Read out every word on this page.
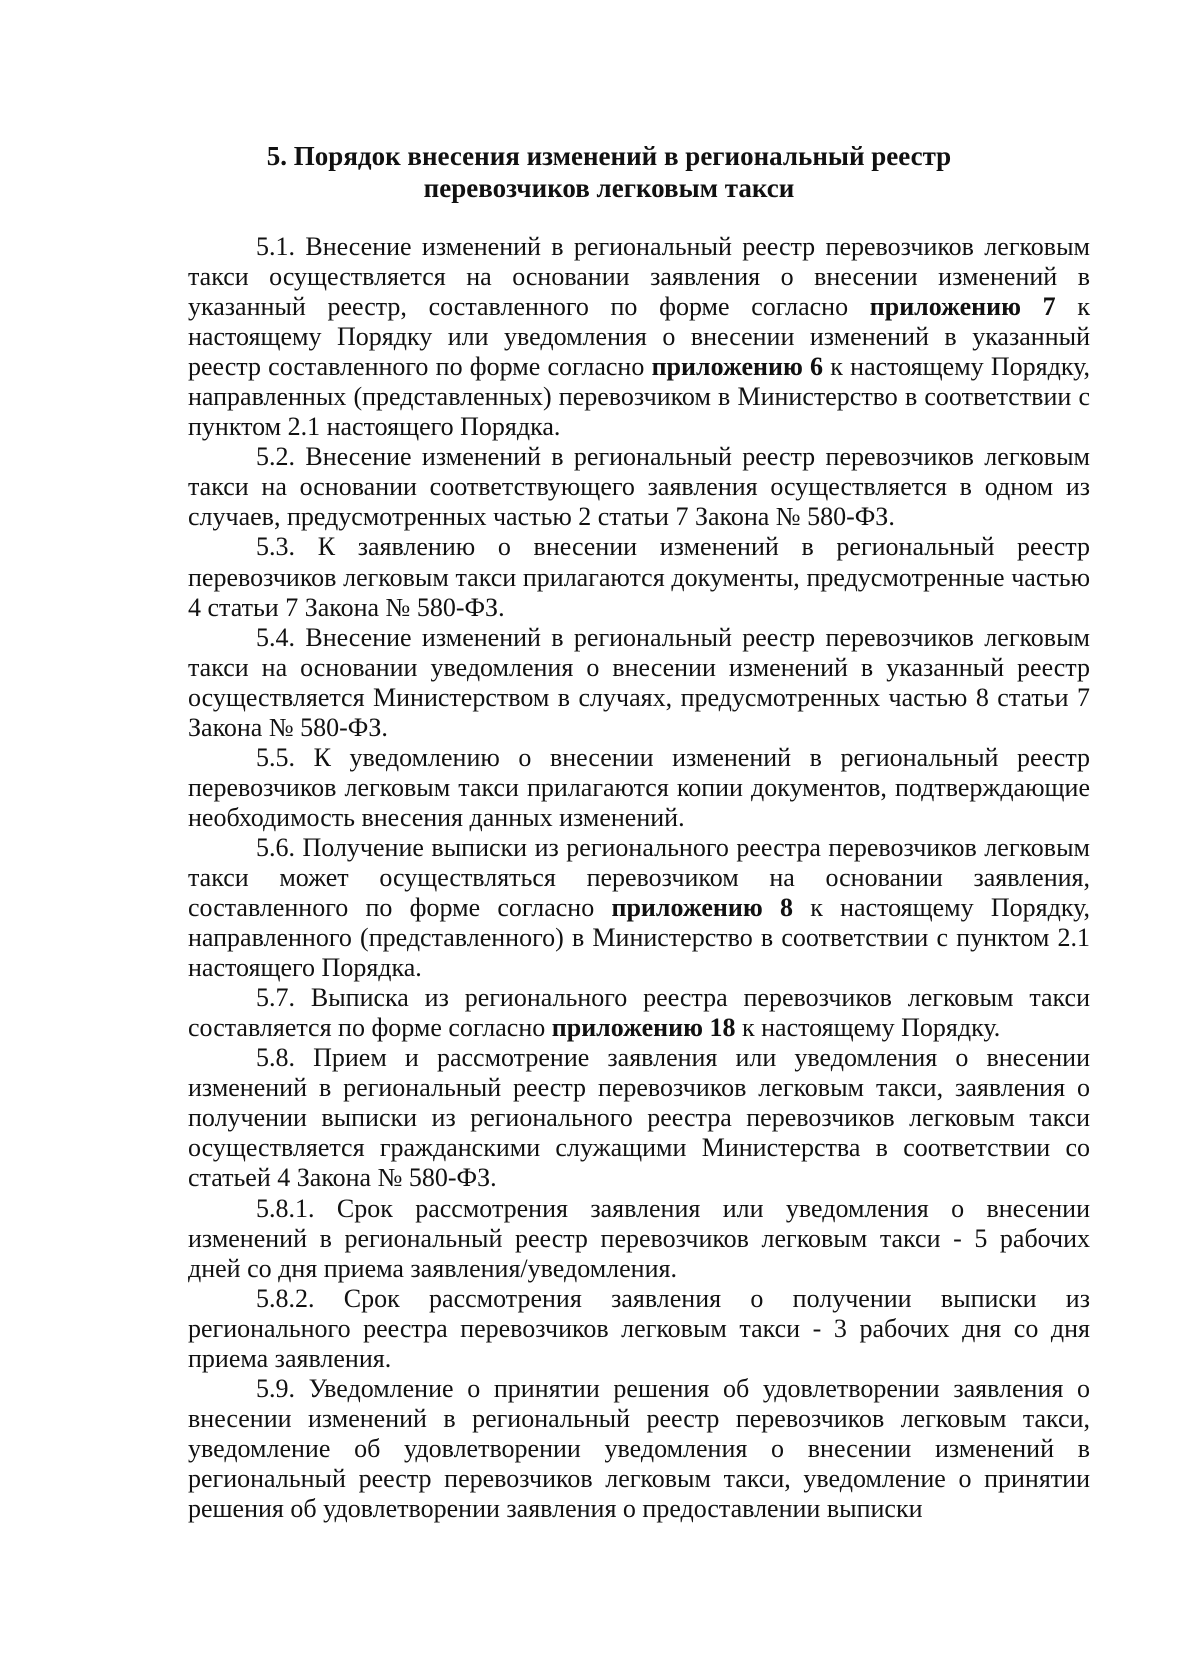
5. Порядок внесения изменений в региональный реестр
перевозчиков легковым такси

5.1. Внесение изменений в региональный реестр перевозчиков легковым такси осуществляется на основании заявления о внесении изменений в указанный реестр, составленного по форме согласно приложению 7 к настоящему Порядку или уведомления о внесении изменений в указанный реестр составленного по форме согласно приложению 6 к настоящему Порядку, направленных (представленных) перевозчиком в Министерство в соответствии с пунктом 2.1 настоящего Порядка.

5.2. Внесение изменений в региональный реестр перевозчиков легковым такси на основании соответствующего заявления осуществляется в одном из случаев, предусмотренных частью 2 статьи 7 Закона № 580-ФЗ.

5.3. К заявлению о внесении изменений в региональный реестр перевозчиков легковым такси прилагаются документы, предусмотренные частью 4 статьи 7 Закона № 580-ФЗ.

5.4. Внесение изменений в региональный реестр перевозчиков легковым такси на основании уведомления о внесении изменений в указанный реестр осуществляется Министерством в случаях, предусмотренных частью 8 статьи 7 Закона № 580-ФЗ.

5.5. К уведомлению о внесении изменений в региональный реестр перевозчиков легковым такси прилагаются копии документов, подтверждающие необходимость внесения данных изменений.

5.6. Получение выписки из регионального реестра перевозчиков легковым такси может осуществляться перевозчиком на основании заявления, составленного по форме согласно приложению 8 к настоящему Порядку, направленного (представленного) в Министерство в соответствии с пунктом 2.1 настоящего Порядка.

5.7. Выписка из регионального реестра перевозчиков легковым такси составляется по форме согласно приложению 18 к настоящему Порядку.

5.8. Прием и рассмотрение заявления или уведомления о внесении изменений в региональный реестр перевозчиков легковым такси, заявления о получении выписки из регионального реестра перевозчиков легковым такси осуществляется гражданскими служащими Министерства в соответствии со статьей 4 Закона № 580-ФЗ.

5.8.1. Срок рассмотрения заявления или уведомления о внесении изменений в региональный реестр перевозчиков легковым такси - 5 рабочих дней со дня приема заявления/уведомления.

5.8.2. Срок рассмотрения заявления о получении выписки из регионального реестра перевозчиков легковым такси - 3 рабочих дня со дня приема заявления.

5.9. Уведомление о принятии решения об удовлетворении заявления о внесении изменений в региональный реестр перевозчиков легковым такси, уведомление об удовлетворении уведомления о внесении изменений в региональный реестр перевозчиков легковым такси, уведомление о принятии решения об удовлетворении заявления о предоставлении выписки
